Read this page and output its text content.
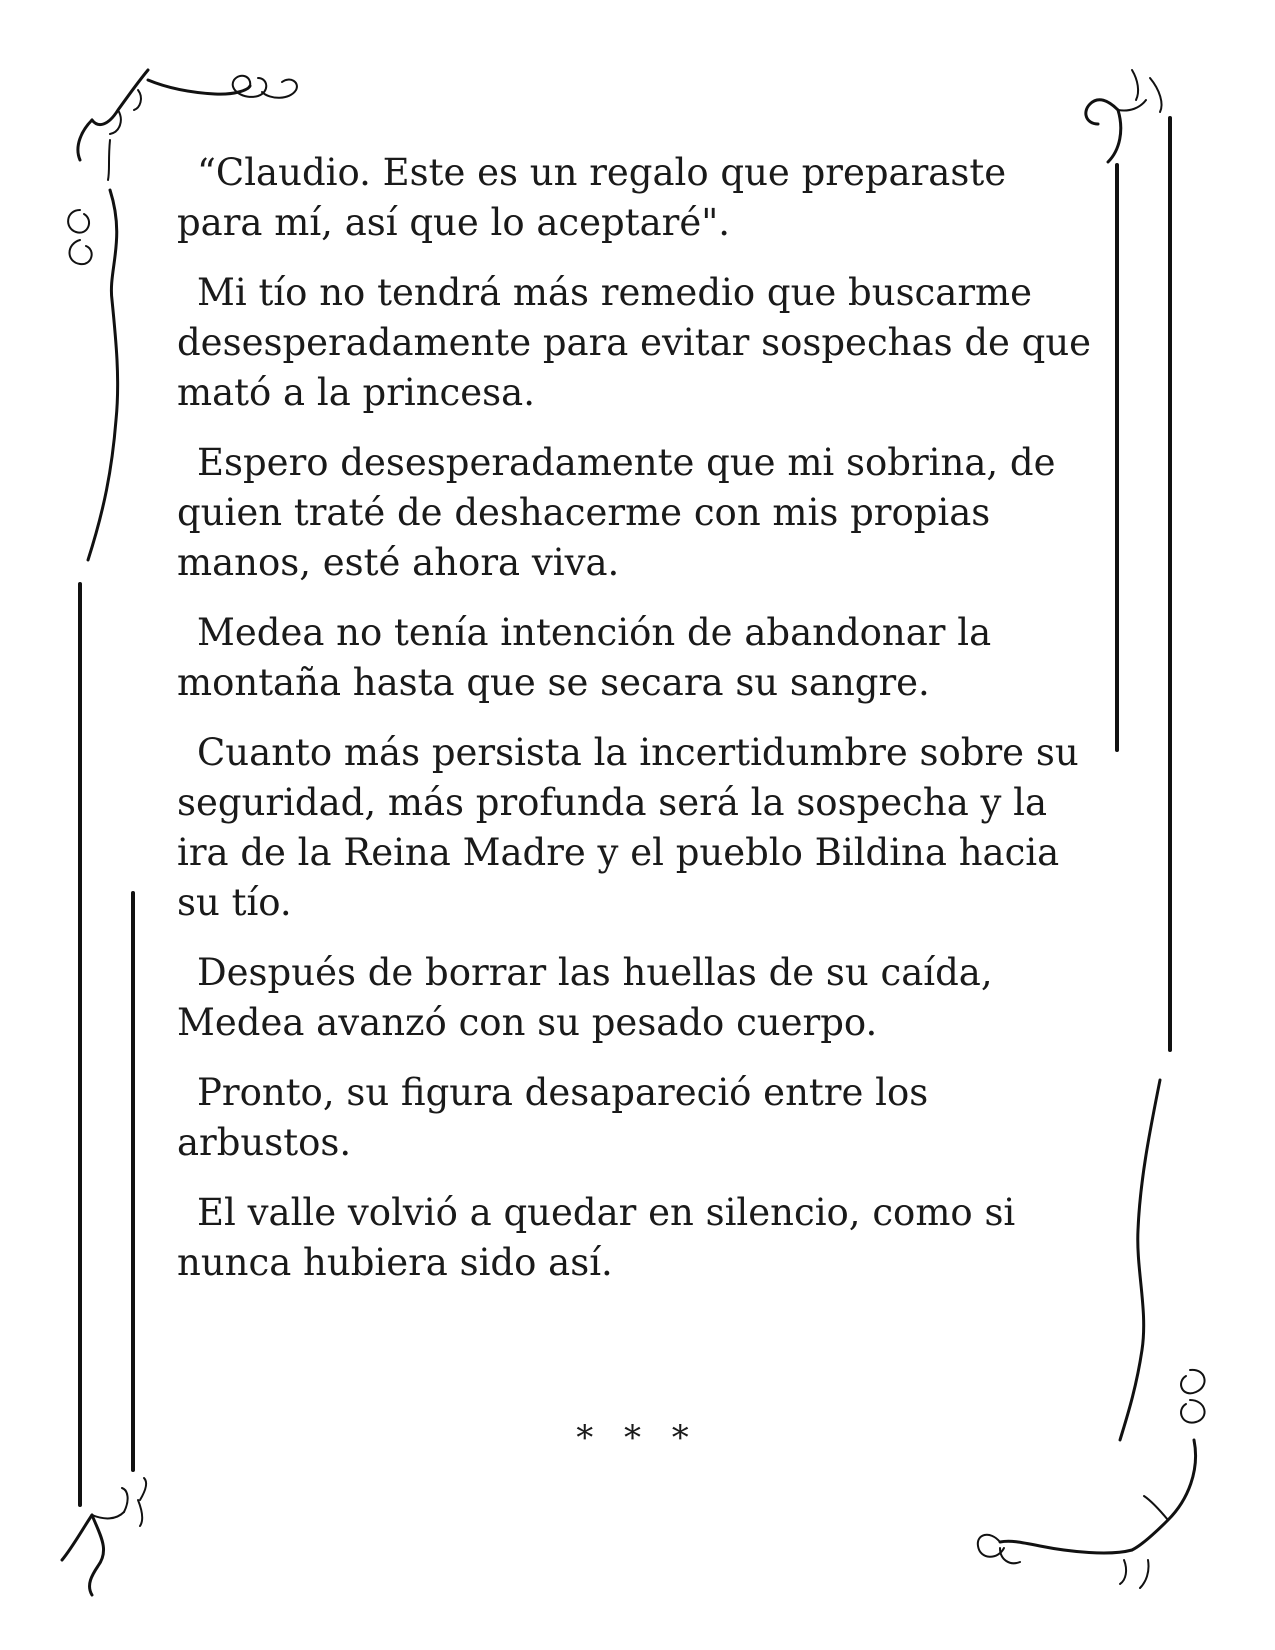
“Claudio. Este es un regalo que preparaste para mí, así que lo aceptaré".

Mi tío no tendrá más remedio que buscarme desesperadamente para evitar sospechas de que mató a la princesa.

Espero desesperadamente que mi sobrina, de quien traté de deshacerme con mis propias manos, esté ahora viva.

Medea no tenía intención de abandonar la montaña hasta que se secara su sangre.

Cuanto más persista la incertidumbre sobre su seguridad, más profunda será la sospecha y la ira de la Reina Madre y el pueblo Bildina hacia su tío.

Después de borrar las huellas de su caída, Medea avanzó con su pesado cuerpo.

Pronto, su figura desapareció entre los arbustos.

El valle volvió a quedar en silencio, como si nunca hubiera sido así.

* * *
